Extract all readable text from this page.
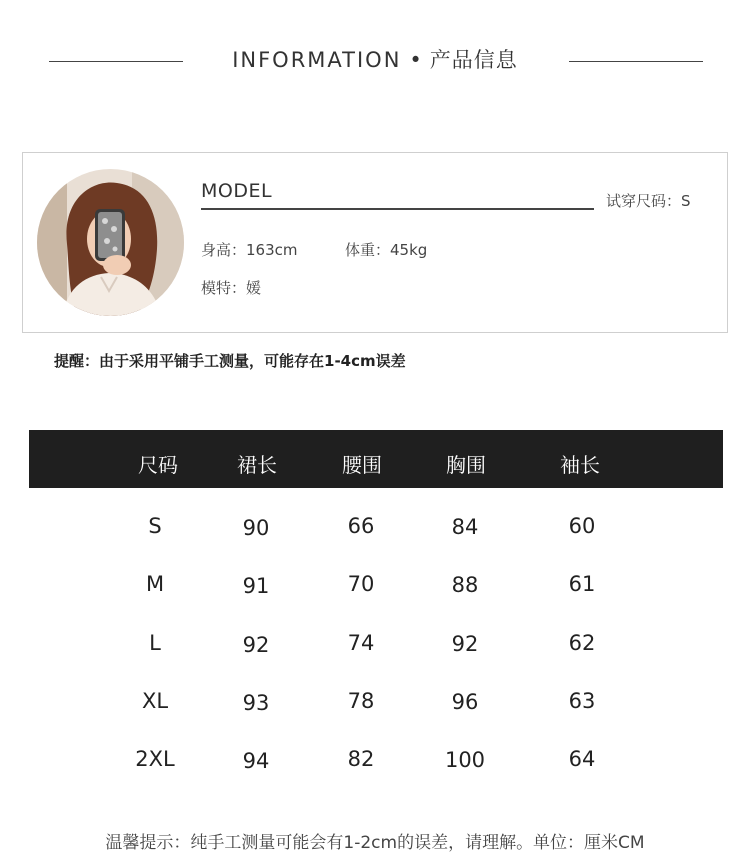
INFORMATION • 产品信息
MODEL	试穿尺码：S
身高：163cm	体重：45kg
模特：媛
提醒：由于采用平铺手工测量，可能存在1-4cm误差
尺码	裙长	腰围	胸围	袖长
S	90	66	84	60
M	91	70	88	61
L	92	74	92	62
XL	93	78	96	63
2XL	94	82	100	64
温馨提示：纯手工测量可能会有1-2cm的误差，请理解。单位：厘米CM
